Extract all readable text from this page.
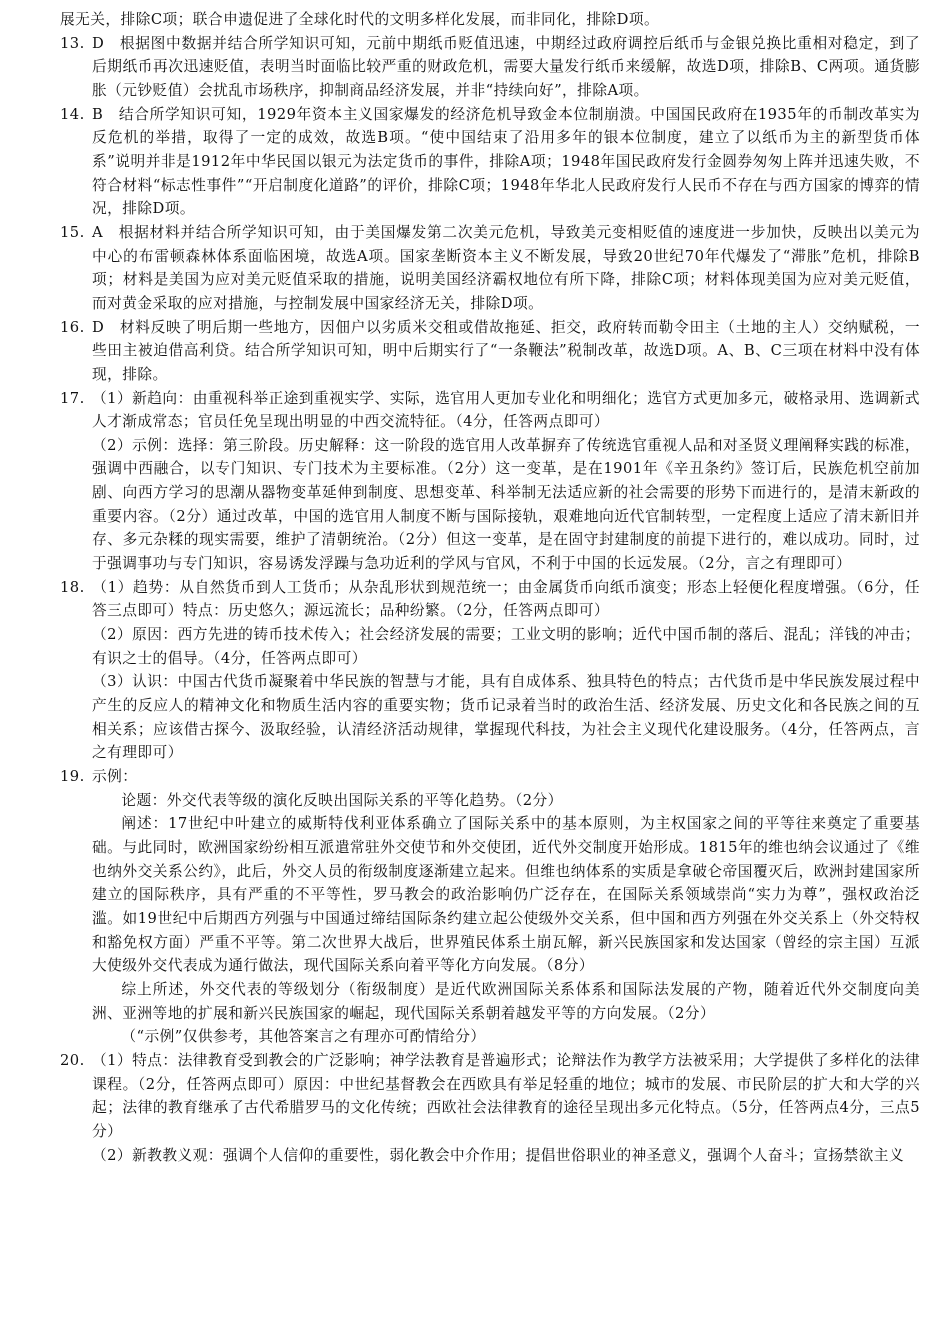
展无关，排除C项；联合申遗促进了全球化时代的文明多样化发展，而非同化，排除D项。

13. D　根据图中数据并结合所学知识可知，元前中期纸币贬值迅速，中期经过政府调控后纸币与金银兑换比重相对稳定，到了后期纸币再次迅速贬值，表明当时面临比较严重的财政危机，需要大量发行纸币来缓解，故选D项，排除B、C两项。通货膨胀（元钞贬值）会扰乱市场秩序，抑制商品经济发展，并非“持续向好”，排除A项。
14. B　结合所学知识可知，1929年资本主义国家爆发的经济危机导致金本位制崩溃。中国国民政府在1935年的币制改革实为反危机的举措，取得了一定的成效，故选B项。“使中国结束了沿用多年的银本位制度，建立了以纸币为主的新型货币体系”说明并非是1912年中华民国以银元为法定货币的事件，排除A项；1948年国民政府发行金圆券匆匆上阵并迅速失败，不符合材料“标志性事件”“开启制度化道路”的评价，排除C项；1948年华北人民政府发行人民币不存在与西方国家的博弈的情况，排除D项。
15. A　根据材料并结合所学知识可知，由于美国爆发第二次美元危机，导致美元变相贬值的速度进一步加快，反映出以美元为中心的布雷顿森林体系面临困境，故选A项。国家垄断资本主义不断发展，导致20世纪70年代爆发了“滞胀”危机，排除B项；材料是美国为应对美元贬值采取的措施，说明美国经济霸权地位有所下降，排除C项；材料体现美国为应对美元贬值，而对黄金采取的应对措施，与控制发展中国家经济无关，排除D项。
16. D　材料反映了明后期一些地方，因佃户以劣质米交租或借故拖延、拒交，政府转而勒令田主（土地的主人）交纳赋税，一些田主被迫借高利贷。结合所学知识可知，明中后期实行了“一条鞭法”税制改革，故选D项。A、B、C三项在材料中没有体现，排除。
17. （1）新趋向：由重视科举正途到重视实学、实际，选官用人更加专业化和明细化；选官方式更加多元，破格录用、选调新式人才渐成常态；官员任免呈现出明显的中西交流特征。（4分，任答两点即可）

（2）示例：选择：第三阶段。历史解释：这一阶段的选官用人改革摒弃了传统选官重视人品和对圣贤义理阐释实践的标准，强调中西融合，以专门知识、专门技术为主要标准。（2分）这一变革，是在1901年《辛丑条约》签订后，民族危机空前加剧、向西方学习的思潮从器物变革延伸到制度、思想变革、科举制无法适应新的社会需要的形势下而进行的，是清末新政的重要内容。（2分）通过改革，中国的选官用人制度不断与国际接轨，艰难地向近代官制转型，一定程度上适应了清末新旧并存、多元杂糅的现实需要，维护了清朝统治。（2分）但这一变革，是在固守封建制度的前提下进行的，难以成功。同时，过于强调事功与专门知识，容易诱发浮躁与急功近利的学风与官风，不利于中国的长远发展。（2分，言之有理即可）

18. （1）趋势：从自然货币到人工货币；从杂乱形状到规范统一；由金属货币向纸币演变；形态上轻便化程度增强。（6分，任答三点即可）特点：历史悠久；源远流长；品种纷繁。（2分，任答两点即可）

（2）原因：西方先进的铸币技术传入；社会经济发展的需要；工业文明的影响；近代中国币制的落后、混乱；洋钱的冲击；有识之士的倡导。（4分，任答两点即可）

（3）认识：中国古代货币凝聚着中华民族的智慧与才能，具有自成体系、独具特色的特点；古代货币是中华民族发展过程中产生的反应人的精神文化和物质生活内容的重要实物；货币记录着当时的政治生活、经济发展、历史文化和各民族之间的互相关系；应该借古探今、汲取经验，认清经济活动规律，掌握现代科技，为社会主义现代化建设服务。（4分，任答两点，言之有理即可）

19. 示例：

论题：外交代表等级的演化反映出国际关系的平等化趋势。（2分）

阐述：17世纪中叶建立的威斯特伐利亚体系确立了国际关系中的基本原则，为主权国家之间的平等往来奠定了重要基础。与此同时，欧洲国家纷纷相互派遣常驻外交使节和外交使团，近代外交制度开始形成。1815年的维也纳会议通过了《维也纳外交关系公约》，此后，外交人员的衔级制度逐渐建立起来。但维也纳体系的实质是拿破仑帝国覆灭后，欧洲封建国家所建立的国际秩序，具有严重的不平等性，罗马教会的政治影响仍广泛存在，在国际关系领域崇尚“实力为尊”，强权政治泛滥。如19世纪中后期西方列强与中国通过缔结国际条约建立起公使级外交关系，但中国和西方列强在外交关系上（外交特权和豁免权方面）严重不平等。第二次世界大战后，世界殖民体系土崩瓦解，新兴民族国家和发达国家（曾经的宗主国）互派大使级外交代表成为通行做法，现代国际关系向着平等化方向发展。（8分）

综上所述，外交代表的等级划分（衔级制度）是近代欧洲国际关系体系和国际法发展的产物，随着近代外交制度向美洲、亚洲等地的扩展和新兴民族国家的崛起，现代国际关系朝着越发平等的方向发展。（2分）

（“示例”仅供参考，其他答案言之有理亦可酌情给分）

20. （1）特点：法律教育受到教会的广泛影响；神学法教育是普遍形式；论辩法作为教学方法被采用；大学提供了多样化的法律课程。（2分，任答两点即可）原因：中世纪基督教会在西欧具有举足轻重的地位；城市的发展、市民阶层的扩大和大学的兴起；法律的教育继承了古代希腊罗马的文化传统；西欧社会法律教育的途径呈现出多元化特点。（5分，任答两点4分，三点5分）

（2）新教教义观：强调个人信仰的重要性，弱化教会中介作用；提倡世俗职业的神圣意义，强调个人奋斗；宣扬禁欲主义
